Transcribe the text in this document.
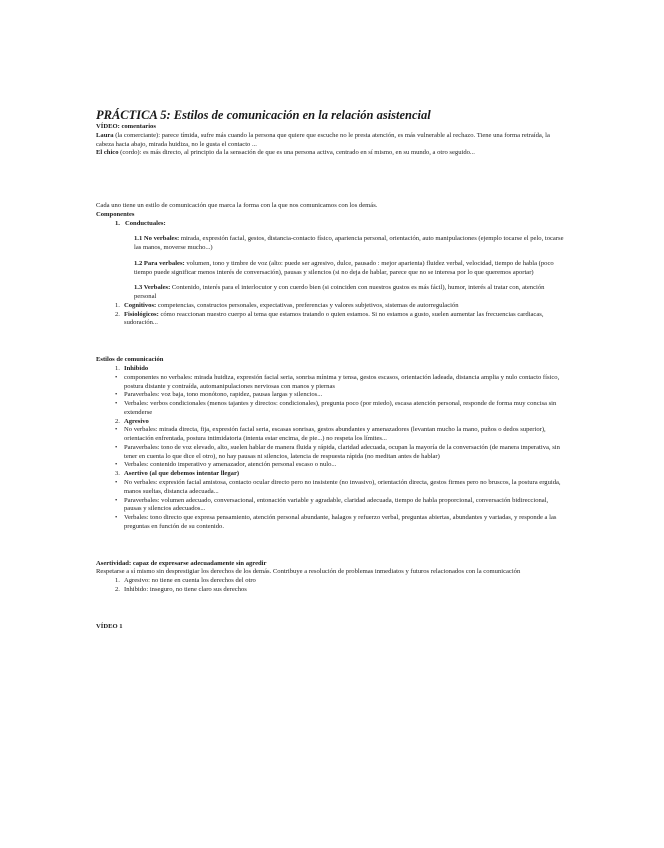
PRÁCTICA 5: Estilos de comunicación en la relación asistencial

VÍDEO: comentarios

Laura (la comerciante): parece tímida, sufre más cuando la persona que quiere que escuche no le presta atención, es más vulnerable al rechazo. Tiene una forma retraída, la cabeza hacia abajo, mirada huidiza, no le gusta el contacto ...

El chico (cordo): es más directo, al principio da la sensación de que es una persona activa, centrado en sí mismo, en su mundo, a otro seguido...

Cada uno tiene un estilo de comunicación que marca la forma con la que nos comunicamos con los demás.

Componentes

1. Conductuales:

1.1 No verbales: mirada, expresión facial, gestos, distancia-contacto físico, apariencia personal, orientación, auto manipulaciones (ejemplo tocarse el pelo, tocarse las manos, moverse mucho...)

1.2 Para verbales: volumen, tono y timbre de voz (alto: puede ser agresivo, dulce, pausado : mejor aparienta) fluidez verbal, velocidad, tiempo de habla (poco tiempo puede significar menos interés de conversación), pausas y silencios (si no deja de hablar, parece que no se interesa por lo que queremos aportar)

1.3 Verbales: Contenido, interés para el interlocutor y con cuerdo bien (si coinciden con nuestros gustos es más fácil), humor, interés al tratar con, atención personal

1. Cognitivos: competencias, constructos personales, expectativas, preferencias y valores subjetivos, sistemas de autorregulación
2. Fisiológicos: cómo reaccionan nuestro cuerpo al tema que estamos tratando o quien estamos. Si no estamos a gusto, suelen aumentar las frecuencias cardiacas, sudoración...

Estilos de comunicación

1. Inhibido
•	componentes no verbales: mirada huidiza, expresión facial seria, sonrisa mínima y tensa, gestos escasos, orientación ladeada, distancia amplia y nulo contacto físico, postura distante y contraída, automanipulaciones nerviosas con manos y piernas
•	Paraverbales: voz baja, tono monótono, rapidez, pausas largas y silencios...
•	Verbales: verbos condicionales (menos tajantes y directos: condicionales), pregunta poco (por miedo), escasa atención personal, responde de forma muy concisa sin extenderse
2. Agresivo
•	No verbales: mirada directa, fija, expresión facial seria, escasas sonrisas, gestos abundantes y amenazadores (levantan mucho la mano, puños o dedos superior), orientación enfrentada, postura intimidatoria (intenta estar encima, de pie...) no respeta los límites...
•	Paraverbales: tono de voz elevado, alto, suelen hablar de manera fluida y rápida, claridad adecuada, ocupan la mayoría de la conversación (de manera imperativa, sin tener en cuenta lo que dice el otro), no hay pausas ni silencios, latencia de respuesta rápida (no meditan antes de hablar)
•	Verbales: contenido imperativo y amenazador, atención personal escaso o nulo...
3. Asertivo (al que debemos intentar llegar)
•	No verbales: expresión facial amistosa, contacto ocular directo pero no insistente (no invasivo), orientación directa, gestos firmes pero no bruscos, la postura erguida, manos sueltas, distancia adecuada...
•	Paraverbales: volumen adecuado, conversacional, entonación variable y agradable, claridad adecuada, tiempo de habla proporcional, conversación bidireccional, pausas y silencios adecuados...
•	Verbales: tono directo que expresa pensamiento, atención personal abundante, halagos y refuerzo verbal, preguntas abiertas, abundantes y variadas, y responde a las preguntas en función de su contenido.

Asertividad: capaz de expresarse adecuadamente sin agredir

Respetarse a sí mismo sin desprestigiar los derechos de los demás. Contribuye a resolución de problemas inmediatos y futuros relacionados con la comunicación

1. Agresivo: no tiene en cuenta los derechos del otro
2. Inhibido: inseguro, no tiene claro sus derechos

VÍDEO 1
